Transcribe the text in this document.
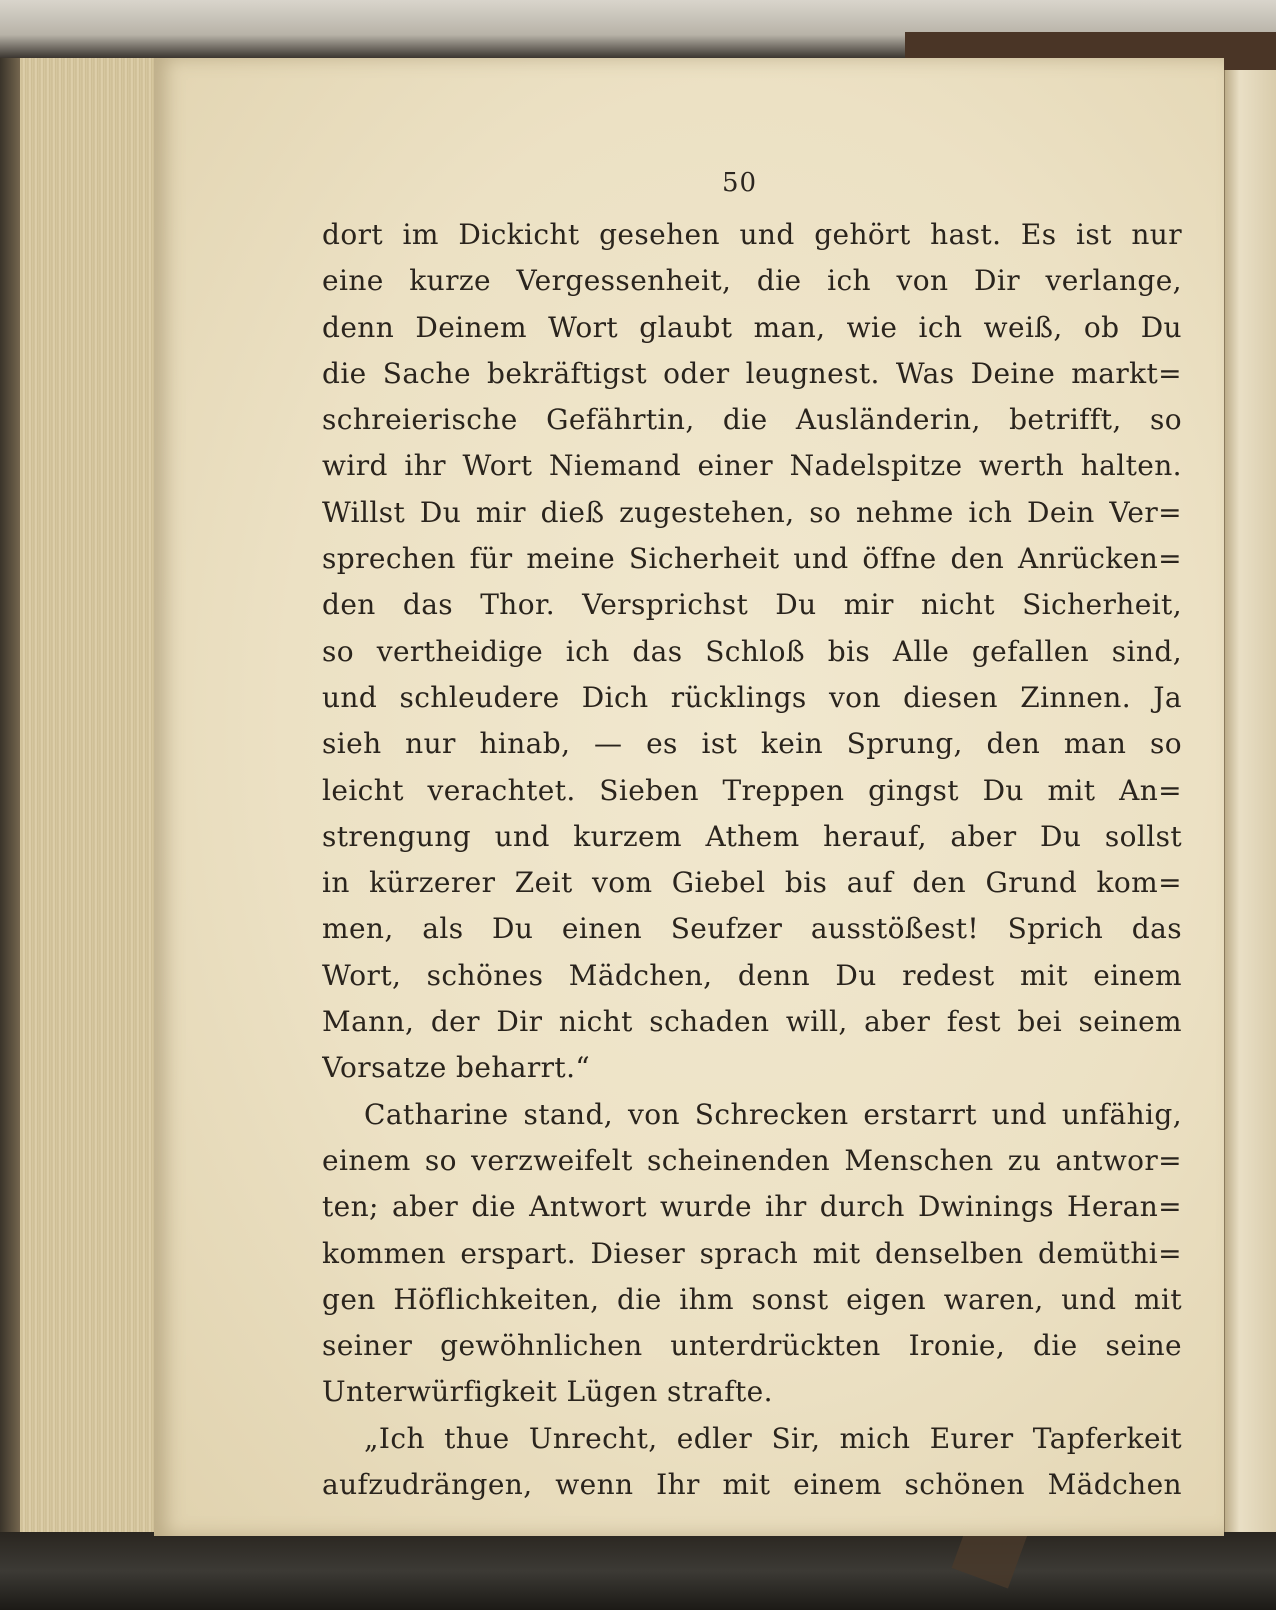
50
dort im Dickicht gesehen und gehört hast. Es ist nur
eine kurze Vergessenheit, die ich von Dir verlange,
denn Deinem Wort glaubt man, wie ich weiß, ob Du
die Sache bekräftigst oder leugnest. Was Deine markt=
schreierische Gefährtin, die Ausländerin, betrifft, so
wird ihr Wort Niemand einer Nadelspitze werth halten.
Willst Du mir dieß zugestehen, so nehme ich Dein Ver=
sprechen für meine Sicherheit und öffne den Anrücken=
den das Thor. Versprichst Du mir nicht Sicherheit,
so vertheidige ich das Schloß bis Alle gefallen sind,
und schleudere Dich rücklings von diesen Zinnen. Ja
sieh nur hinab, — es ist kein Sprung, den man so
leicht verachtet. Sieben Treppen gingst Du mit An=
strengung und kurzem Athem herauf, aber Du sollst
in kürzerer Zeit vom Giebel bis auf den Grund kom=
men, als Du einen Seufzer ausstößest! Sprich das
Wort, schönes Mädchen, denn Du redest mit einem
Mann, der Dir nicht schaden will, aber fest bei seinem
Vorsatze beharrt.“
Catharine stand, von Schrecken erstarrt und unfähig,
einem so verzweifelt scheinenden Menschen zu antwor=
ten; aber die Antwort wurde ihr durch Dwinings Heran=
kommen erspart. Dieser sprach mit denselben demüthi=
gen Höflichkeiten, die ihm sonst eigen waren, und mit
seiner gewöhnlichen unterdrückten Ironie, die seine
Unterwürfigkeit Lügen strafte.
„Ich thue Unrecht, edler Sir, mich Eurer Tapferkeit
aufzudrängen, wenn Ihr mit einem schönen Mädchen
